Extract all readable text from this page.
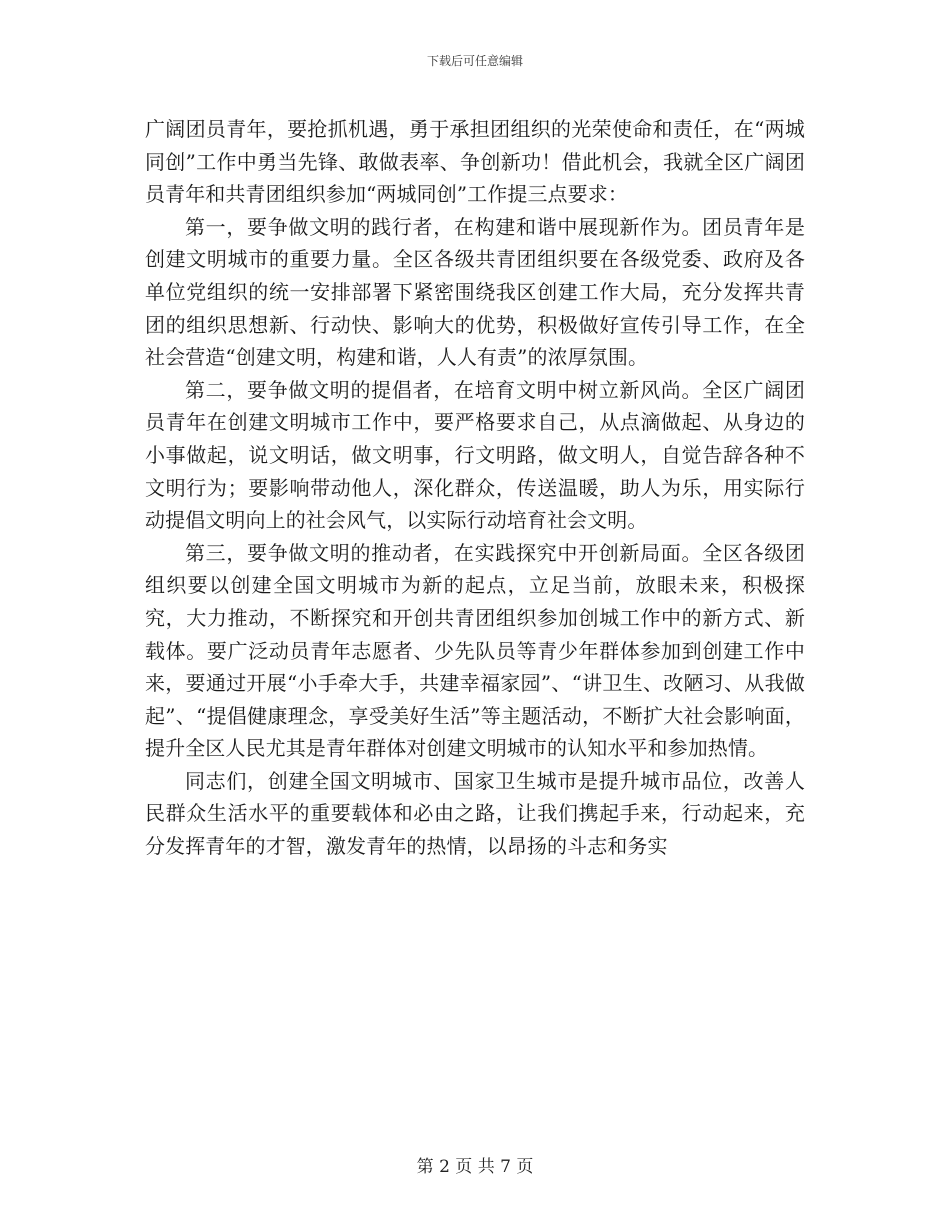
下载后可任意编辑

广阔团员青年，要抢抓机遇，勇于承担团组织的光荣使命和责任，在“两城同创”工作中勇当先锋、敢做表率、争创新功！借此机会，我就全区广阔团员青年和共青团组织参加“两城同创”工作提三点要求：

第一，要争做文明的践行者，在构建和谐中展现新作为。团员青年是创建文明城市的重要力量。全区各级共青团组织要在各级党委、政府及各单位党组织的统一安排部署下紧密围绕我区创建工作大局，充分发挥共青团的组织思想新、行动快、影响大的优势，积极做好宣传引导工作，在全社会营造“创建文明，构建和谐，人人有责”的浓厚氛围。

第二，要争做文明的提倡者，在培育文明中树立新风尚。全区广阔团员青年在创建文明城市工作中，要严格要求自己，从点滴做起、从身边的小事做起，说文明话，做文明事，行文明路，做文明人，自觉告辞各种不文明行为；要影响带动他人，深化群众，传送温暖，助人为乐，用实际行动提倡文明向上的社会风气，以实际行动培育社会文明。

第三，要争做文明的推动者，在实践探究中开创新局面。全区各级团组织要以创建全国文明城市为新的起点，立足当前，放眼未来，积极探究，大力推动，不断探究和开创共青团组织参加创城工作中的新方式、新载体。要广泛动员青年志愿者、少先队员等青少年群体参加到创建工作中来，要通过开展“小手牵大手，共建幸福家园”、“讲卫生、改陋习、从我做起”、“提倡健康理念，享受美好生活”等主题活动，不断扩大社会影响面，提升全区人民尤其是青年群体对创建文明城市的认知水平和参加热情。

同志们，创建全国文明城市、国家卫生城市是提升城市品位，改善人民群众生活水平的重要载体和必由之路，让我们携起手来，行动起来，充分发挥青年的才智，激发青年的热情，以昂扬的斗志和务实

第 2 页 共 7 页
